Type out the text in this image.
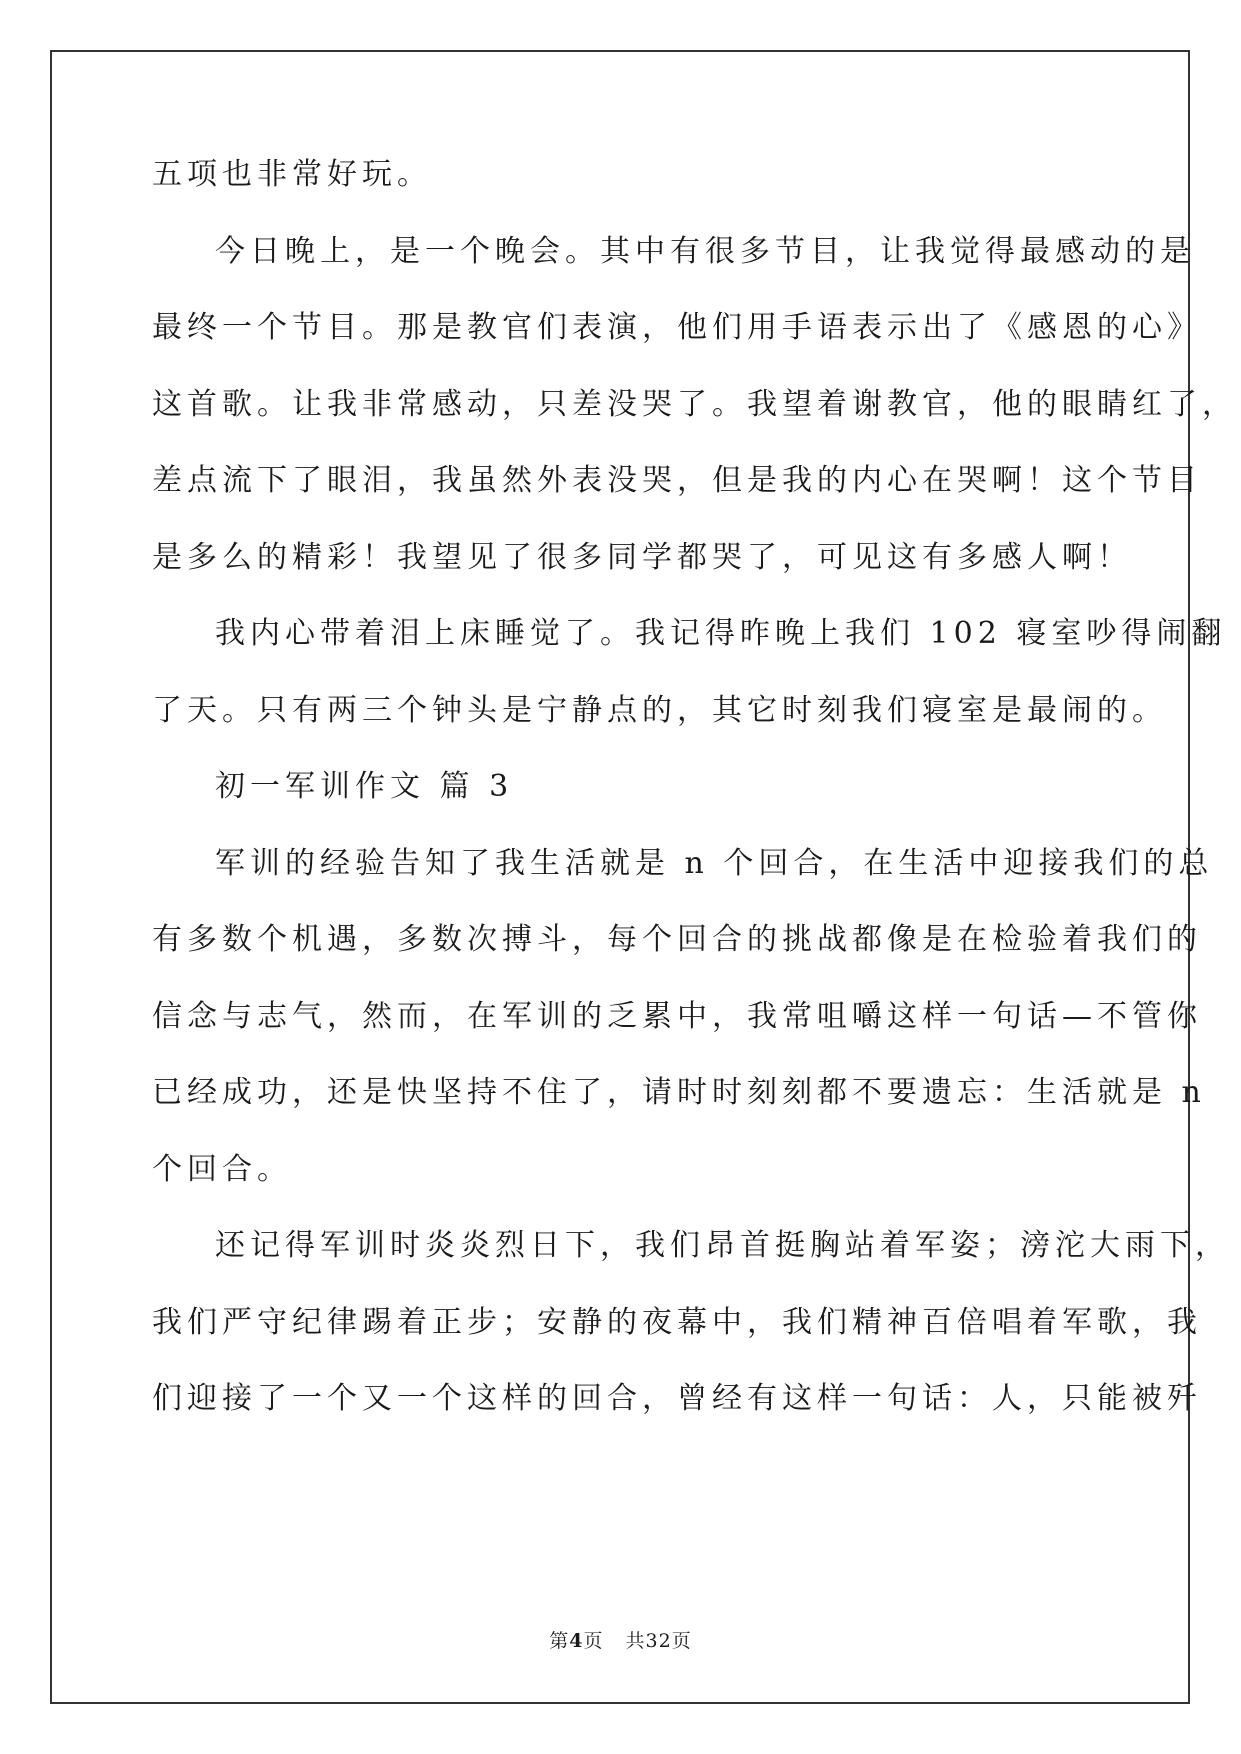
五项也非常好玩。
今日晚上，是一个晚会。其中有很多节目，让我觉得最感动的是
最终一个节目。那是教官们表演，他们用手语表示出了《感恩的心》
这首歌。让我非常感动，只差没哭了。我望着谢教官，他的眼睛红了，
差点流下了眼泪，我虽然外表没哭，但是我的内心在哭啊！这个节目
是多么的精彩！我望见了很多同学都哭了，可见这有多感人啊！
我内心带着泪上床睡觉了。我记得昨晚上我们 102 寝室吵得闹翻
了天。只有两三个钟头是宁静点的，其它时刻我们寝室是最闹的。
初一军训作文 篇 3
军训的经验告知了我生活就是 n 个回合，在生活中迎接我们的总
有多数个机遇，多数次搏斗，每个回合的挑战都像是在检验着我们的
信念与志气，然而，在军训的乏累中，我常咀嚼这样一句话—不管你
已经成功，还是快坚持不住了，请时时刻刻都不要遗忘：生活就是 n
个回合。
还记得军训时炎炎烈日下，我们昂首挺胸站着军姿；滂沱大雨下，
我们严守纪律踢着正步；安静的夜幕中，我们精神百倍唱着军歌，我
们迎接了一个又一个这样的回合，曾经有这样一句话：人，只能被歼
第4页 共32页
